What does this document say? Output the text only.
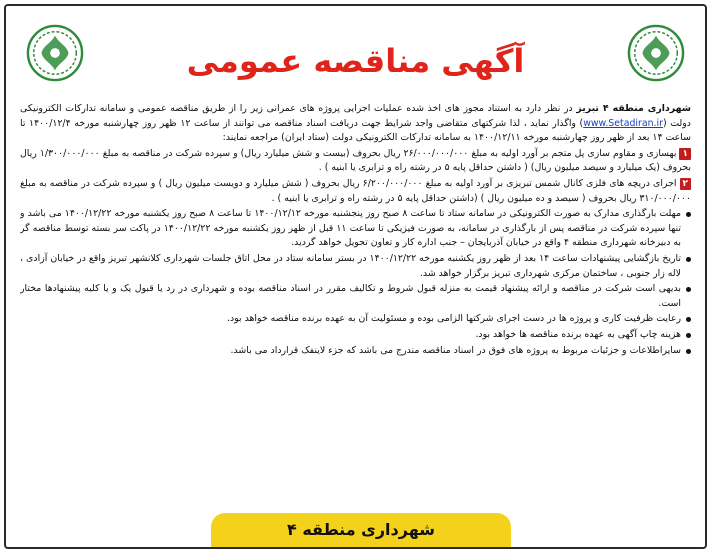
آگهی مناقصه عمومی

شهرداری منطقه ۴ تبریز در نظر دارد به استناد مجوز های اخذ شده عملیات اجرایی پروژه های عمرانی زیر را از طریق مناقصه عمومی و سامانه تدارکات الکترونیکی دولت (www.Setadiran.ir) واگذار نماید ، لذا شرکتهای متقاضی واجد شرایط جهت دریافت اسناد مناقصه می توانند از ساعت ۱۲ ظهر روز چهارشنبه مورخه ۱۴۰۰/۱۲/۴ تا ساعت ۱۴ بعد از ظهر روز چهارشنبه مورخه ۱۴۰۰/۱۲/۱۱ به سامانه تدارکات الکترونیکی دولت (ستاد ایران) مراجعه نمایند:

۱بهسازی و مقاوم سازی پل متجم بر آورد اولیه به مبلغ ۲۶/۰۰۰/۰۰۰/۰۰۰ ریال بحروف (بیست و شش میلیارد ریال) و سپرده شرکت در مناقصه به مبلغ ۱/۳۰۰/۰۰۰/۰۰۰ ریال بحروف (یک میلیارد و سیصد میلیون ریال) ( داشتن حداقل پایه ۵ در رشته راه و ترابری یا ابنیه ) .

۲اجرای دریچه های فلزی کانال شمس تبریزی بر آورد اولیه به مبلغ ۶/۲۰۰/۰۰۰/۰۰۰ ریال بحروف ( شش میلیارد و دویست میلیون ریال ) و سپرده شرکت در مناقصه به مبلغ ۳۱۰/۰۰۰/۰۰۰ ریال بحروف ( سیصد و ده میلیون ریال ) (داشتن حداقل پایه ۵ در رشته راه و ترابری یا ابنیه ) .

مهلت بارگذاری مدارک به صورت الکترونیکی در سامانه ستاد تا ساعت ۸ صبح روز پنجشنبه مورخه ۱۴۰۰/۱۲/۱۲ تا ساعت ۸ صبح روز یکشنبه مورخه ۱۴۰۰/۱۲/۲۲ می باشد و تنها سپرده شرکت در مناقصه پس از بارگذاری در سامانه، به صورت فیزیکی تا ساعت ۱۱ قبل از ظهر روز یکشنبه مورخه ۱۴۰۰/۱۲/۲۲ در پاکت سر بسته توسط مناقصه گر به دبیرخانه شهرداری منطقه ۴ واقع در خیابان آذربایجان – جنب اداره کار و تعاون تحویل خواهد گردید.

تاریخ بازگشایی پیشنهادات ساعت ۱۴ بعد از ظهر روز یکشنبه مورخه ۱۴۰۰/۱۲/۲۲ در بستر سامانه ستاد در محل اتاق جلسات شهرداری کلانشهر تبریز واقع در خیابان آزادی ، لاله زار جنوبی ، ساختمان مرکزی شهرداری تبریز برگزار خواهد شد.

بدیهی است شرکت در مناقصه و ارائه پیشنهاد قیمت به منزله قبول شروط و تکالیف مقرر در اسناد مناقصه بوده و شهرداری در رد یا قبول یک و یا کلیه پیشنهادها مختار است.

رعایت ظرفیت کاری و پروژه ها در دست اجرای شرکتها الزامی بوده و مسئولیت آن به عهده برنده مناقصه خواهد بود.

هزینه چاپ آگهی به عهده برنده مناقصه ها خواهد بود.

سایراطلاعات و جزئیات مربوط به پروژه های فوق در اسناد مناقصه مندرج می باشد که جزء لاینفک قرارداد می باشد.

شهرداری منطقه ۴
